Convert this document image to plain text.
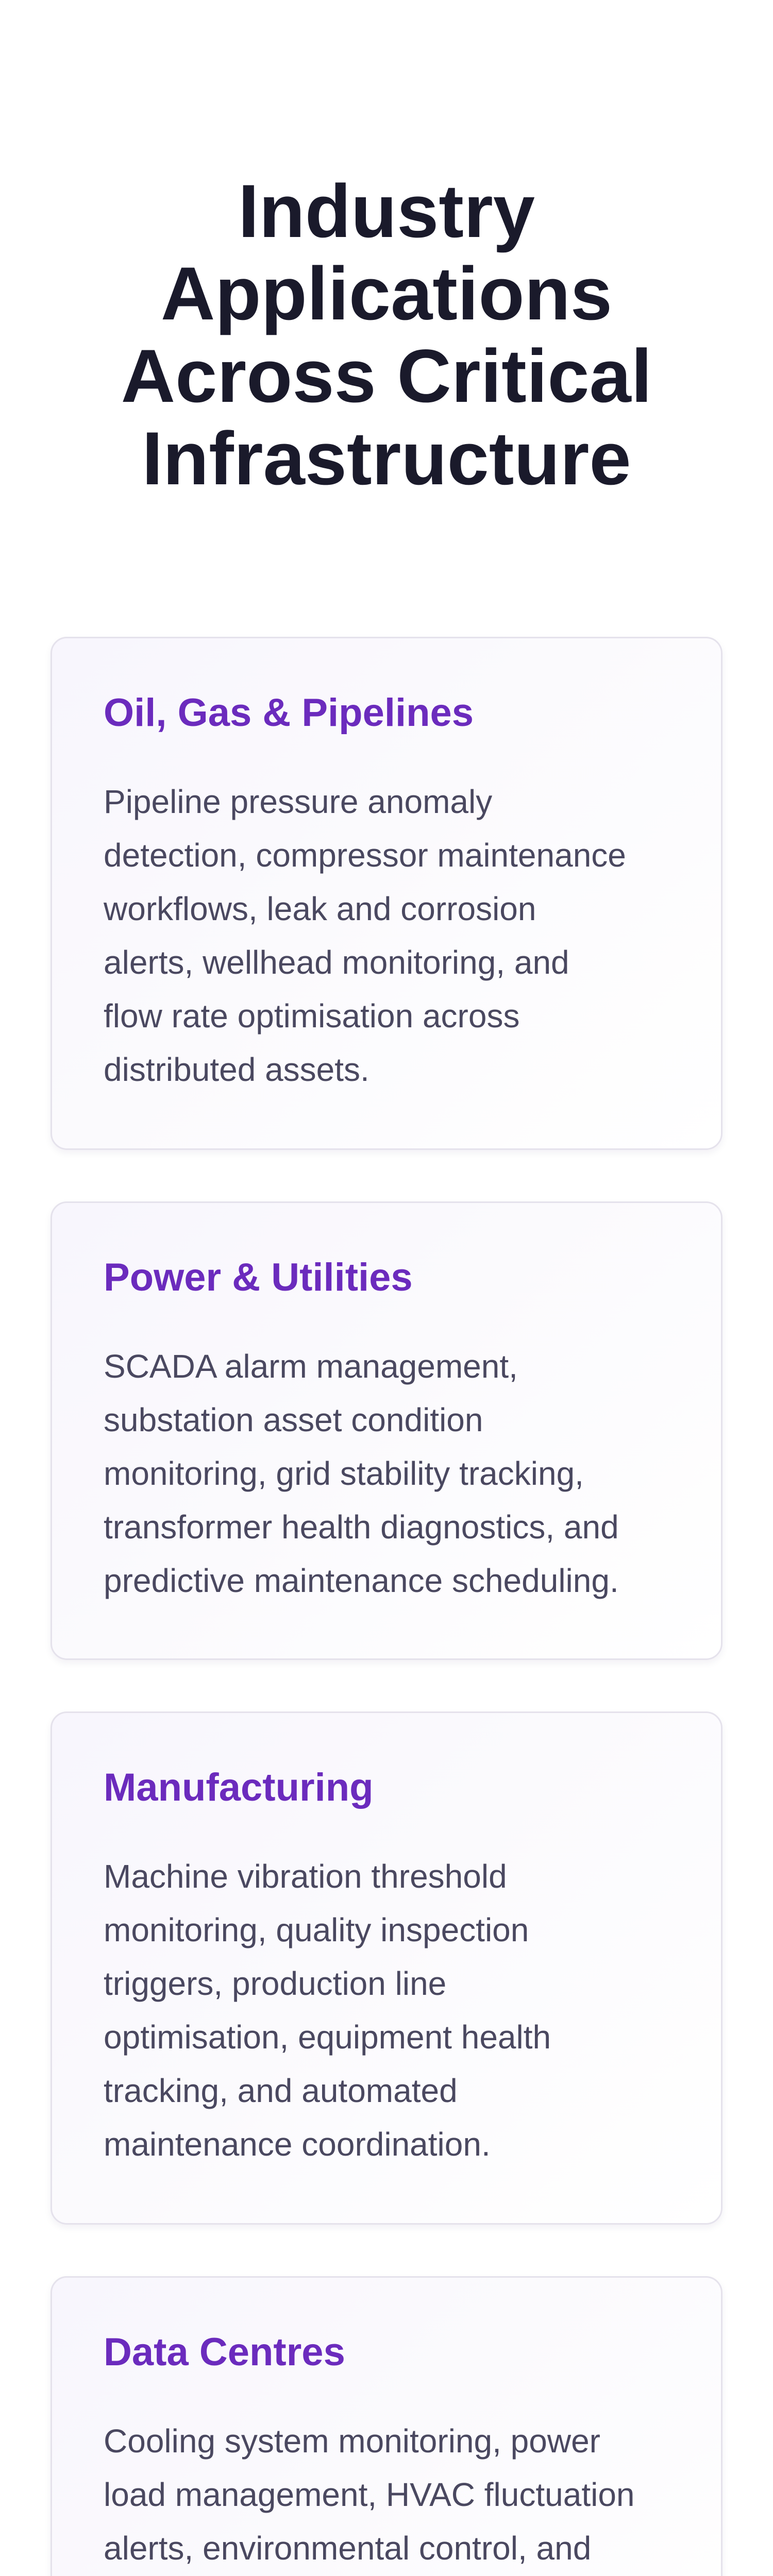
Industry
Applications
Across Critical
Infrastructure
Oil, Gas & Pipelines
Pipeline pressure anomaly
detection, compressor maintenance
workflows, leak and corrosion
alerts, wellhead monitoring, and
flow rate optimisation across
distributed assets.
Power & Utilities
SCADA alarm management,
substation asset condition
monitoring, grid stability tracking,
transformer health diagnostics, and
predictive maintenance scheduling.
Manufacturing
Machine vibration threshold
monitoring, quality inspection
triggers, production line
optimisation, equipment health
tracking, and automated
maintenance coordination.
Data Centres
Cooling system monitoring, power
load management, HVAC fluctuation
alerts, environmental control, and
